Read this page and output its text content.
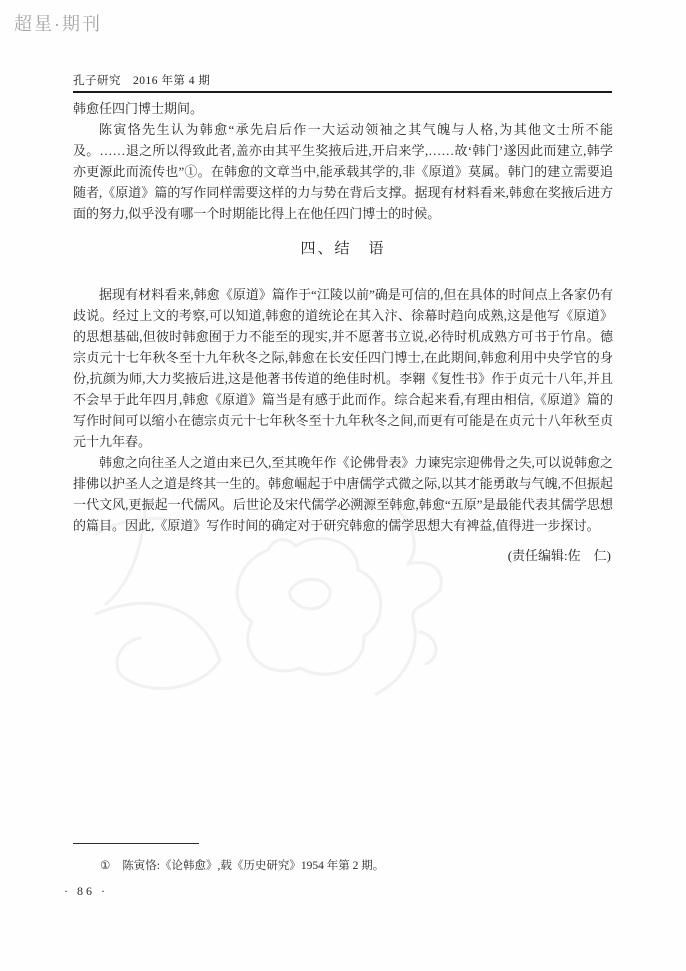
超星·期刊
孔子研究　2016 年第 4 期

韩愈任四门博士期间。

陈寅恪先生认为韩愈“承先启后作一大运动领袖之其气魄与人格,为其他文士所不能及。……退之所以得致此者,盖亦由其平生奖掖后进,开启来学,……故‘韩门’遂因此而建立,韩学亦更源此而流传也”①。在韩愈的文章当中,能承载其学的,非《原道》莫属。韩门的建立需要追随者,《原道》篇的写作同样需要这样的力与势在背后支撑。据现有材料看来,韩愈在奖掖后进方面的努力,似乎没有哪一个时期能比得上在他任四门博士的时候。

四、结　语

据现有材料看来,韩愈《原道》篇作于“江陵以前”确是可信的,但在具体的时间点上各家仍有歧说。经过上文的考察,可以知道,韩愈的道统论在其入汴、徐幕时趋向成熟,这是他写《原道》的思想基础,但彼时韩愈囿于力不能至的现实,并不愿著书立说,必待时机成熟方可书于竹帛。德宗贞元十七年秋冬至十九年秋冬之际,韩愈在长安任四门博士,在此期间,韩愈利用中央学官的身份,抗颜为师,大力奖掖后进,这是他著书传道的绝佳时机。李翱《复性书》作于贞元十八年,并且不会早于此年四月,韩愈《原道》篇当是有感于此而作。综合起来看,有理由相信,《原道》篇的写作时间可以缩小在德宗贞元十七年秋冬至十九年秋冬之间,而更有可能是在贞元十八年秋至贞元十九年春。

韩愈之向往圣人之道由来已久,至其晚年作《论佛骨表》力谏宪宗迎佛骨之失,可以说韩愈之排佛以护圣人之道是终其一生的。韩愈崛起于中唐儒学式微之际,以其才能勇敢与气魄,不但振起一代文风,更振起一代儒风。后世论及宋代儒学必溯源至韩愈,韩愈“五原”是最能代表其儒学思想的篇目。因此,《原道》写作时间的确定对于研究韩愈的儒学思想大有裨益,值得进一步探讨。

(责任编辑:佐　仁)
① 陈寅恪:《论韩愈》,载《历史研究》1954 年第 2 期。
· 86 ·
